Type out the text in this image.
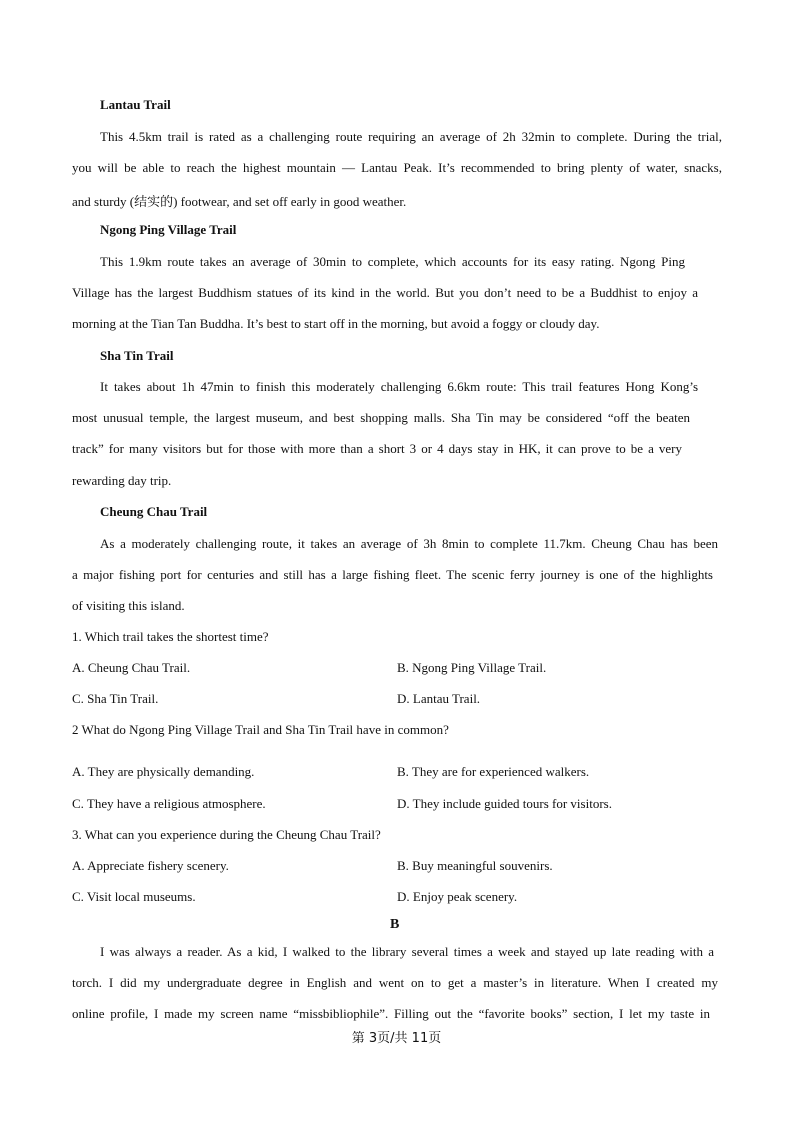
Lantau Trail
This 4.5km trail is rated as a challenging route requiring an average of 2h 32min to complete. During the trial,
you will be able to reach the highest mountain — Lantau Peak. It’s recommended to bring plenty of water, snacks,
and sturdy (结实的) footwear, and set off early in good weather.
Ngong Ping Village Trail
This 1.9km route takes an average of 30min to complete, which accounts for its easy rating. Ngong Ping
Village has the largest Buddhism statues of its kind in the world. But you don’t need to be a Buddhist to enjoy a
morning at the Tian Tan Buddha. It’s best to start off in the morning, but avoid a foggy or cloudy day.
Sha Tin Trail
It takes about 1h 47min to finish this moderately challenging 6.6km route: This trail features Hong Kong’s
most unusual temple, the largest museum, and best shopping malls. Sha Tin may be considered “off the beaten
track” for many visitors but for those with more than a short 3 or 4 days stay in HK, it can prove to be a very
rewarding day trip.
Cheung Chau Trail
As a moderately challenging route, it takes an average of 3h 8min to complete 11.7km. Cheung Chau has been
a major fishing port for centuries and still has a large fishing fleet. The scenic ferry journey is one of the highlights
of visiting this island.
1. Which trail takes the shortest time?
A. Cheung Chau Trail.	B. Ngong Ping Village Trail.
C. Sha Tin Trail.	D. Lantau Trail.
2 What do Ngong Ping Village Trail and Sha Tin Trail have in common?
A. They are physically demanding.	B. They are for experienced walkers.
C. They have a religious atmosphere.	D. They include guided tours for visitors.
3. What can you experience during the Cheung Chau Trail?
A. Appreciate fishery scenery.	B. Buy meaningful souvenirs.
C. Visit local museums.	D. Enjoy peak scenery.
B
I was always a reader. As a kid, I walked to the library several times a week and stayed up late reading with a
torch. I did my undergraduate degree in English and went on to get a master’s in literature. When I created my
online profile, I made my screen name “missbibliophile”. Filling out the “favorite books” section, I let my taste in
第 3页/共 11页
